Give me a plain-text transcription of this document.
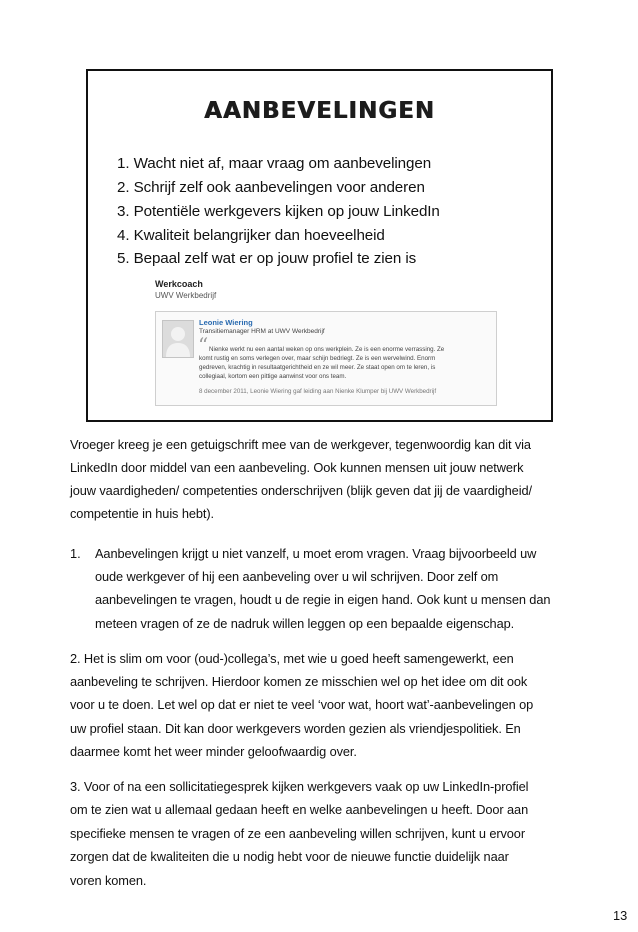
AANBEVELINGEN
1. Wacht niet af, maar vraag om aanbevelingen
2. Schrijf zelf ook aanbevelingen voor anderen
3. Potentiële werkgevers kijken op jouw LinkedIn
4. Kwaliteit belangrijker dan hoeveelheid
5. Bepaal zelf wat er op jouw profiel te zien is
Werkcoach
UWV Werkbedrijf
Leonie Wiering
Transitiemanager HRM at UWV Werkbedrijf
“ Nienke werkt nu een aantal weken op ons werkplein. Ze is een enorme verrassing. Ze
komt rustig en soms verlegen over, maar schijn bedriegt. Ze is een wervelwind. Enorm
gedreven, krachtig in resultaatgerichtheid en ze wil meer. Ze staat open om te leren, is
collegiaal, kortom een pittige aanwinst voor ons team.
8 december 2011, Leonie Wiering gaf leiding aan Nienke Klumper bij UWV Werkbedrijf
Vroeger kreeg je een getuigschrift mee van de werkgever, tegenwoordig kan dit via
LinkedIn door middel van een aanbeveling. Ook kunnen mensen uit jouw netwerk
jouw vaardigheden/ competenties onderschrijven (blijk geven dat jij de vaardigheid/
competentie in huis hebt).
1. Aanbevelingen krijgt u niet vanzelf, u moet erom vragen. Vraag bijvoorbeeld uw
oude werkgever of hij een aanbeveling over u wil schrijven. Door zelf om
aanbevelingen te vragen, houdt u de regie in eigen hand. Ook kunt u mensen dan
meteen vragen of ze de nadruk willen leggen op een bepaalde eigenschap.
2. Het is slim om voor (oud-)collega’s, met wie u goed heeft samengewerkt, een
aanbeveling te schrijven. Hierdoor komen ze misschien wel op het idee om dit ook
voor u te doen. Let wel op dat er niet te veel ‘voor wat, hoort wat’-aanbevelingen op
uw profiel staan. Dit kan door werkgevers worden gezien als vriendjespolitiek. En
daarmee komt het weer minder geloofwaardig over.
3. Voor of na een sollicitatiegesprek kijken werkgevers vaak op uw LinkedIn-profiel
om te zien wat u allemaal gedaan heeft en welke aanbevelingen u heeft. Door aan
specifieke mensen te vragen of ze een aanbeveling willen schrijven, kunt u ervoor
zorgen dat de kwaliteiten die u nodig hebt voor de nieuwe functie duidelijk naar
voren komen.
13
